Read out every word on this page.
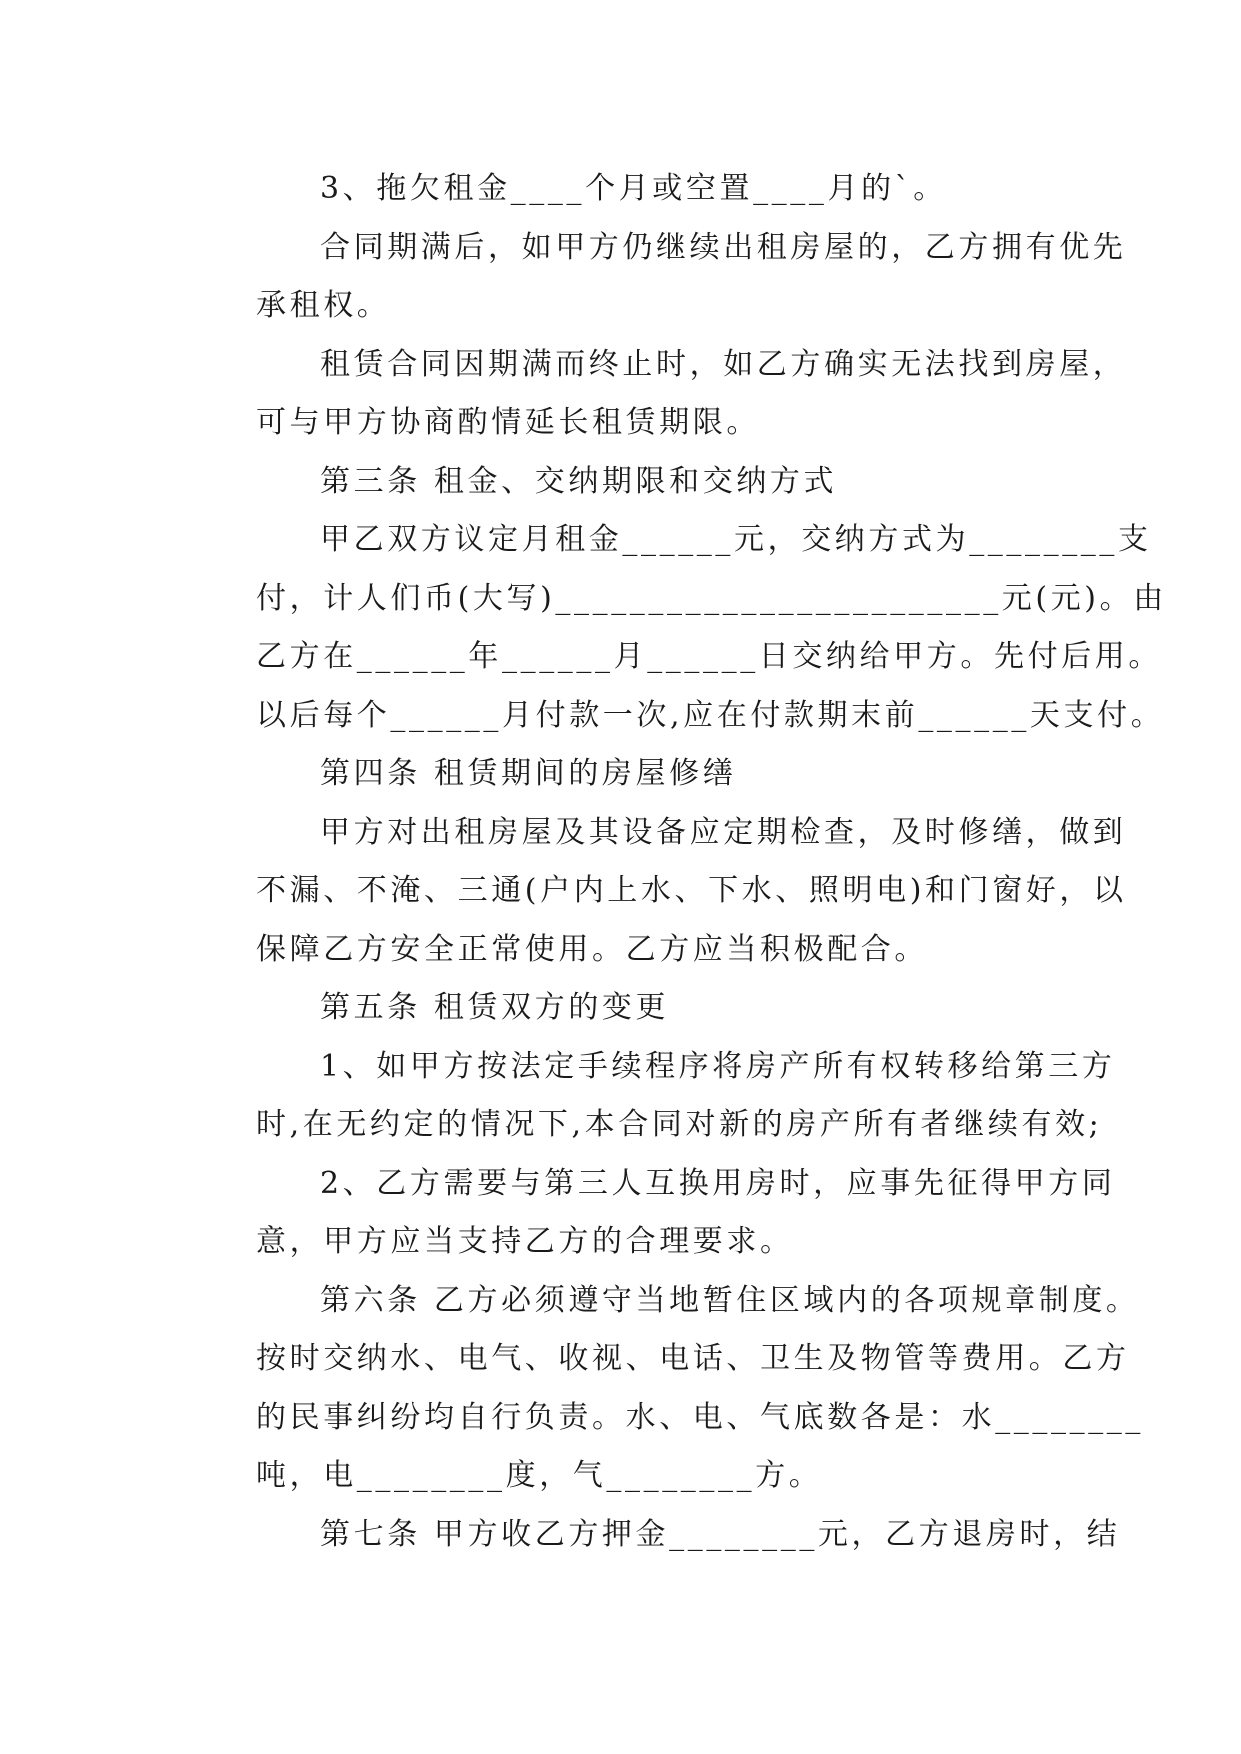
3、拖欠租金____个月或空置____月的`。
合同期满后，如甲方仍继续出租房屋的，乙方拥有优先
承租权。
租赁合同因期满而终止时，如乙方确实无法找到房屋，
可与甲方协商酌情延长租赁期限。
第三条 租金、交纳期限和交纳方式
甲乙双方议定月租金______元，交纳方式为________支
付，计人们币(大写)________________________元(元)。由
乙方在______年______月______日交纳给甲方。先付后用。
以后每个______月付款一次,应在付款期末前______天支付。
第四条 租赁期间的房屋修缮
甲方对出租房屋及其设备应定期检查，及时修缮，做到
不漏、不淹、三通(户内上水、下水、照明电)和门窗好，以
保障乙方安全正常使用。乙方应当积极配合。
第五条 租赁双方的变更
1、如甲方按法定手续程序将房产所有权转移给第三方
时,在无约定的情况下,本合同对新的房产所有者继续有效;
2、乙方需要与第三人互换用房时，应事先征得甲方同
意，甲方应当支持乙方的合理要求。
第六条 乙方必须遵守当地暂住区域内的各项规章制度。
按时交纳水、电气、收视、电话、卫生及物管等费用。乙方
的民事纠纷均自行负责。水、电、气底数各是：水________
吨，电________度，气________方。
第七条 甲方收乙方押金________元，乙方退房时，结
